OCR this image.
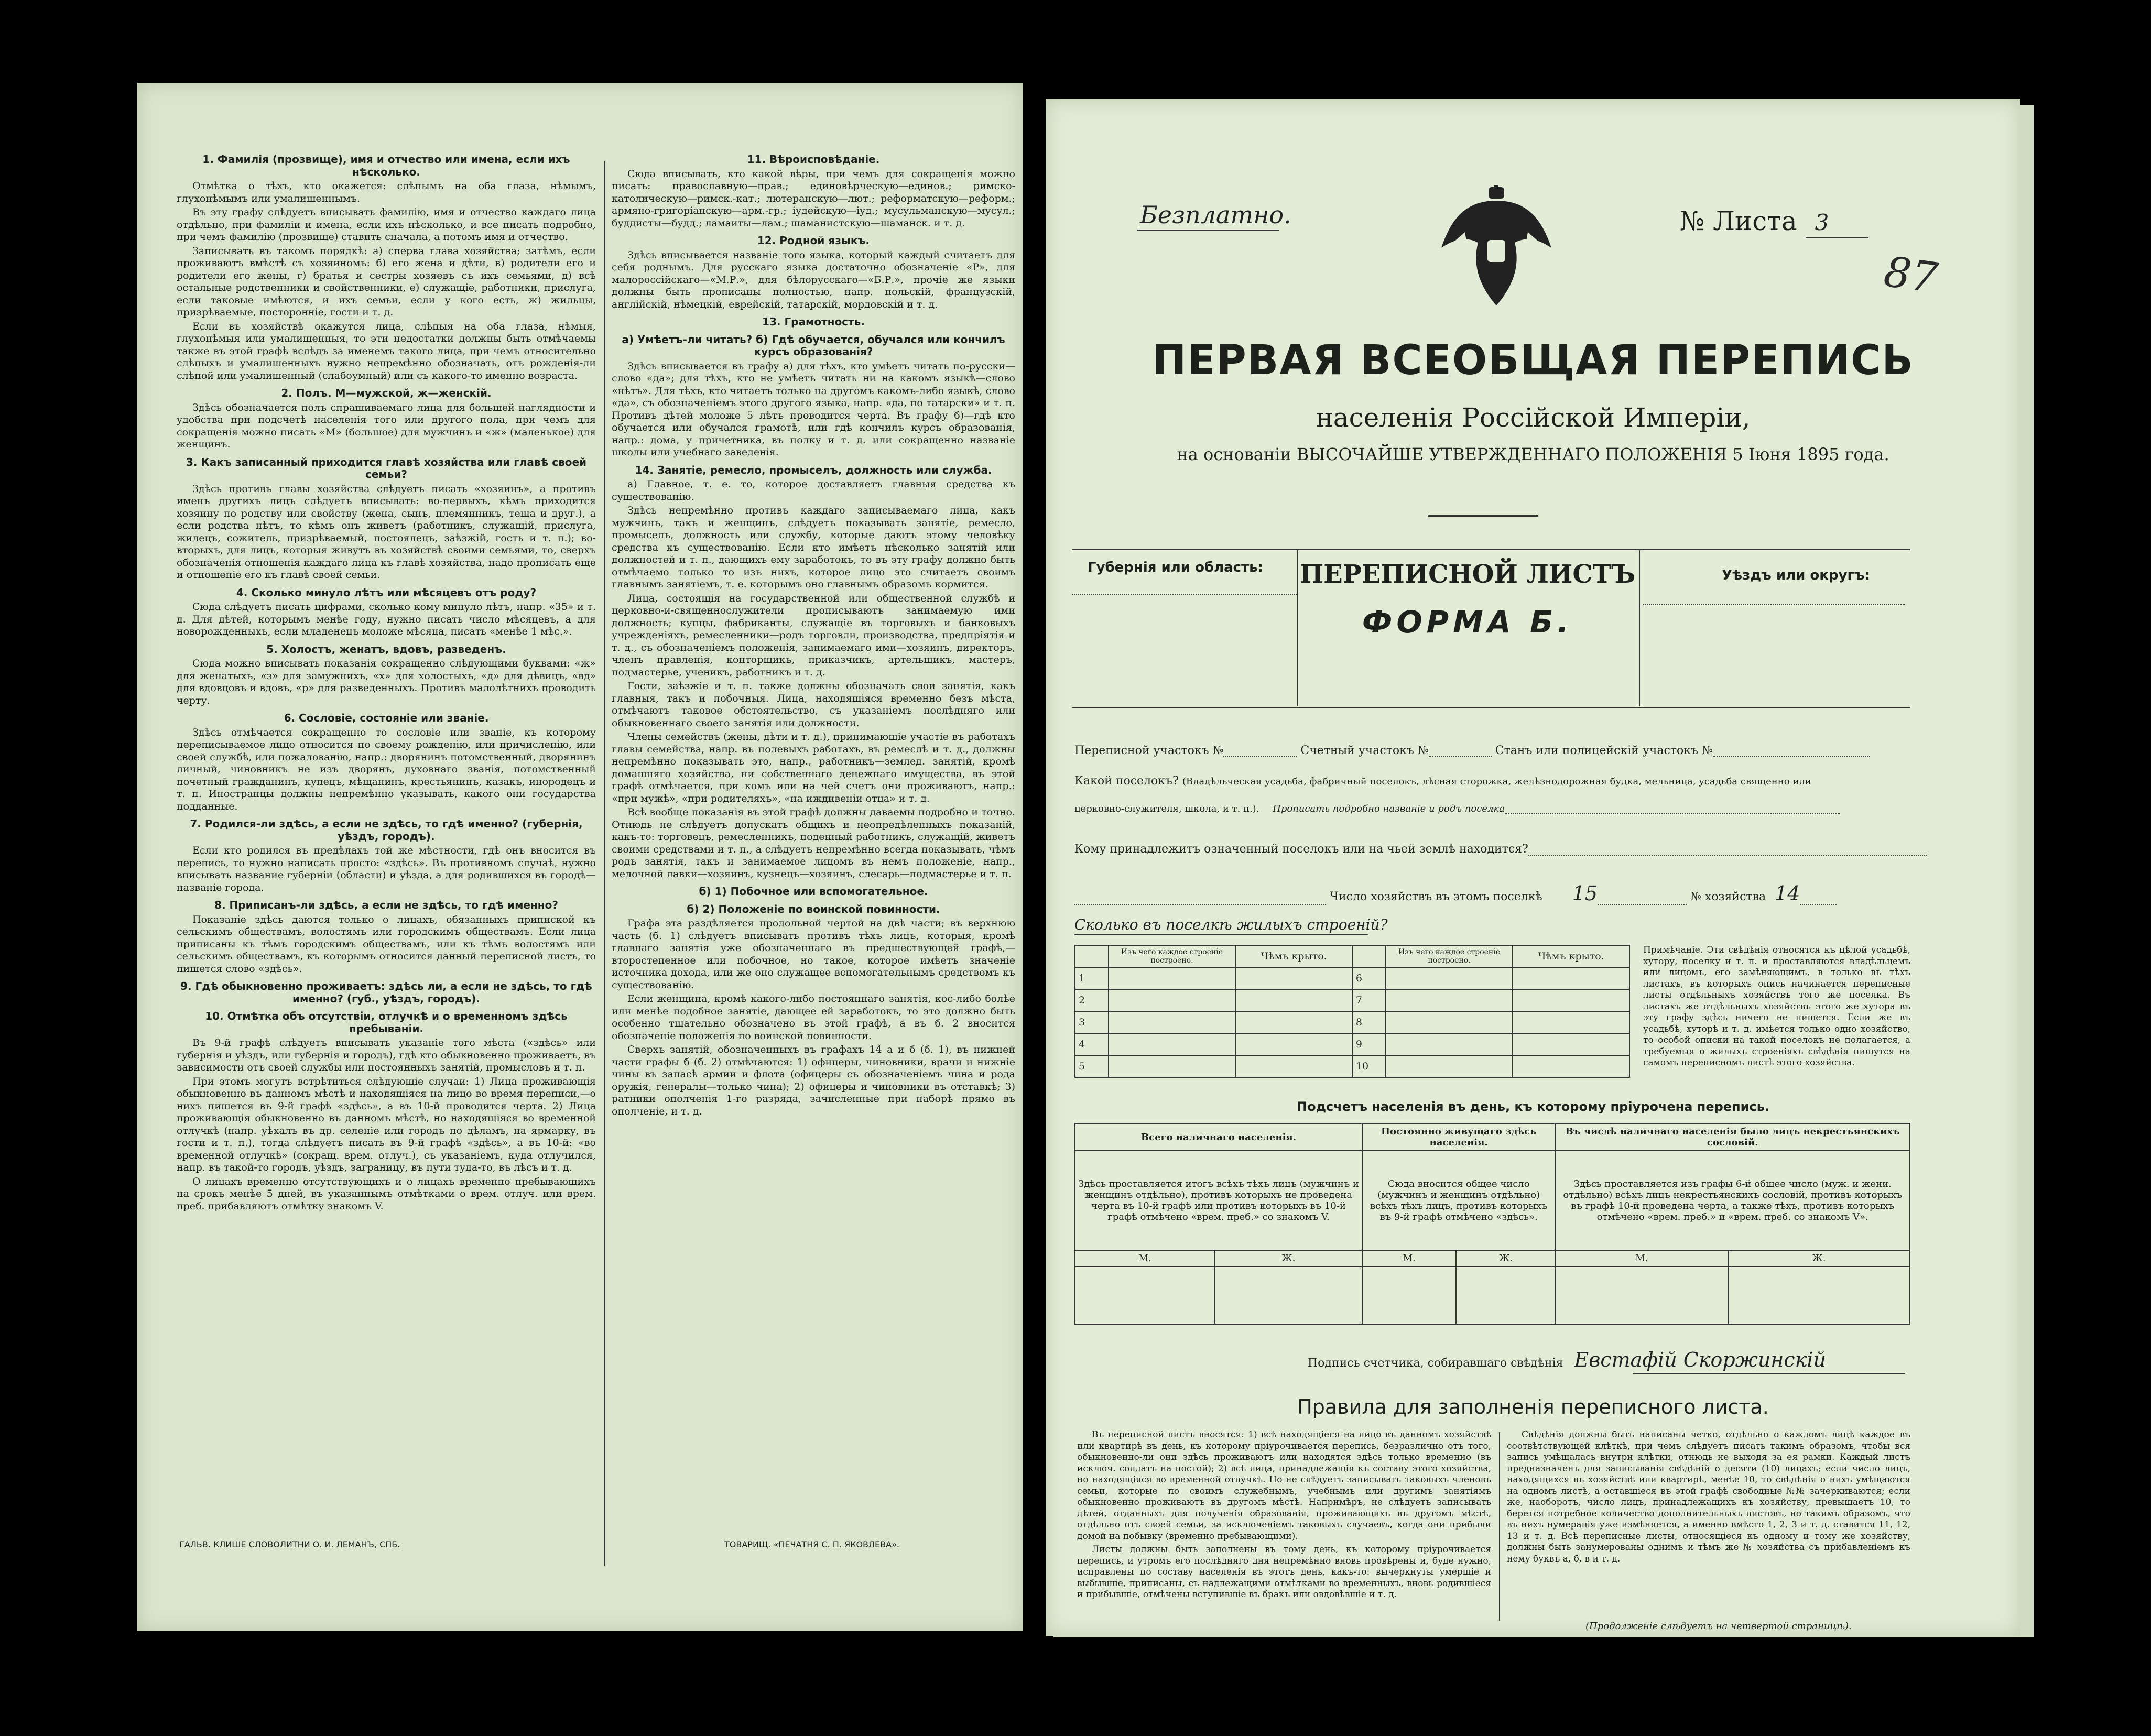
1. Фамилія (прозвище), имя и отчество или имена, если ихъ нѣсколько.

Отмѣтка о тѣхъ, кто окажется: слѣпымъ на оба глаза, нѣмымъ, глухонѣмымъ или умалишеннымъ.

Въ эту графу слѣдуетъ вписывать фамилію, имя и отчество каждаго лица отдѣльно, при фамиліи и имена, если ихъ нѣсколько, и все писать подробно, при чемъ фамилію (прозвище) ставить сначала, а потомъ имя и отчество.

Записывать въ такомъ порядкѣ: а) сперва глава хозяйства; затѣмъ, если проживаютъ вмѣстѣ съ хозяиномъ: б) его жена и дѣти, в) родители его и родители его жены, г) братья и сестры хозяевъ съ ихъ семьями, д) всѣ остальные родственники и свойственники, е) служащіе, работники, прислуга, если таковые имѣются, и ихъ семьи, если у кого есть, ж) жильцы, призрѣваемые, посторонніе, гости и т. д.

Если въ хозяйствѣ окажутся лица, слѣпыя на оба глаза, нѣмыя, глухонѣмыя или умалишенныя, то эти недостатки должны быть отмѣчаемы также въ этой графѣ вслѣдъ за именемъ такого лица, при чемъ относительно слѣпыхъ и умалишенныхъ нужно непремѣнно обозначать, отъ рожденія-ли слѣпой или умалишенный (слабоумный) или съ какого-то именно возраста.

2. Полъ. М—мужской, ж—женскій.

Здѣсь обозначается полъ спрашиваемаго лица для большей наглядности и удобства при подсчетѣ населенія того или другого пола, при чемъ для сокращенія можно писать «М» (большое) для мужчинъ и «ж» (маленькое) для женщинъ.

3. Какъ записанный приходится главѣ хозяйства или главѣ своей семьи?

Здѣсь противъ главы хозяйства слѣдуетъ писать «хозяинъ», а противъ именъ другихъ лицъ слѣдуетъ вписывать: во-первыхъ, кѣмъ приходится хозяину по родству или свойству (жена, сынъ, племянникъ, теща и друг.), а если родства нѣтъ, то кѣмъ онъ живетъ (работникъ, служащій, прислуга, жилецъ, сожитель, призрѣваемый, постоялецъ, заѣзжій, гость и т. п.); во-вторыхъ, для лицъ, которыя живутъ въ хозяйствѣ своими семьями, то, сверхъ обозначенія отношенія каждаго лица къ главѣ хозяйства, надо прописать еще и отношеніе его къ главѣ своей семьи.

4. Сколько минуло лѣтъ или мѣсяцевъ отъ роду?

Сюда слѣдуетъ писать цифрами, сколько кому минуло лѣтъ, напр. «35» и т. д. Для дѣтей, которымъ менѣе году, нужно писать число мѣсяцевъ, а для новорожденныхъ, если младенецъ моложе мѣсяца, писать «менѣе 1 мѣс.».

5. Холостъ, женатъ, вдовъ, разведенъ.

Сюда можно вписывать показанія сокращенно слѣдующими буквами: «ж» для женатыхъ, «з» для замужнихъ, «х» для холостыхъ, «д» для дѣвицъ, «вд» для вдовцовъ и вдовъ, «р» для разведенныхъ. Противъ малолѣтнихъ проводить черту.

6. Сословіе, состояніе или званіе.

Здѣсь отмѣчается сокращенно то сословіе или званіе, къ которому переписываемое лицо относится по своему рожденію, или причисленію, или своей службѣ, или пожалованію, напр.: дворянинъ потомственный, дворянинъ личный, чиновникъ не изъ дворянъ, духовнаго званія, потомственный почетный гражданинъ, купецъ, мѣщанинъ, крестьянинъ, казакъ, инородецъ и т. п. Иностранцы должны непремѣнно указывать, какого они государства подданные.

7. Родился-ли здѣсь, а если не здѣсь, то гдѣ именно? (губернія, уѣздъ, городъ).

Если кто родился въ предѣлахъ той же мѣстности, гдѣ онъ вносится въ перепись, то нужно написать просто: «здѣсь». Въ противномъ случаѣ, нужно вписывать название губерніи (области) и уѣзда, а для родившихся въ городѣ—названіе города.

8. Приписанъ-ли здѣсь, а если не здѣсь, то гдѣ именно?

Показаніе здѣсь даются только о лицахъ, обязанныхъ припиской къ сельскимъ обществамъ, волостямъ или городскимъ обществамъ. Если лица приписаны къ тѣмъ городскимъ обществамъ, или къ тѣмъ волостямъ или сельскимъ обществамъ, къ которымъ относится данный переписной листъ, то пишется слово «здѣсь».

9. Гдѣ обыкновенно проживаетъ: здѣсь ли, а если не здѣсь, то гдѣ именно? (губ., уѣздъ, городъ).
10. Отмѣтка объ отсутствіи, отлучкѣ и о временномъ здѣсь пребываніи.

Въ 9-й графѣ слѣдуетъ вписывать указаніе того мѣста («здѣсь» или губернія и уѣздъ, или губернія и городъ), гдѣ кто обыкновенно проживаетъ, въ зависимости отъ своей службы или постоянныхъ занятій, промысловъ и т. п.

При этомъ могутъ встрѣтиться слѣдующіе случаи: 1) Лица проживающія обыкновенно въ данномъ мѣстѣ и находящіяся на лицо во время переписи,—о нихъ пишется въ 9-й графѣ «здѣсь», а въ 10-й проводится черта. 2) Лица проживающія обыкновенно въ данномъ мѣстѣ, но находящіяся во временной отлучкѣ (напр. уѣхалъ въ др. селеніе или городъ по дѣламъ, на ярмарку, въ гости и т. п.), тогда слѣдуетъ писать въ 9-й графѣ «здѣсь», а въ 10-й: «во временной отлучкѣ» (сокращ. врем. отлуч.), съ указаніемъ, куда отлучился, напр. въ такой-то городъ, уѣздъ, заграницу, въ пути туда-то, въ лѣсъ и т. д.

О лицахъ временно отсутствующихъ и о лицахъ временно пребывающихъ на срокъ менѣе 5 дней, въ указаннымъ отмѣтками о врем. отлуч. или врем. преб. прибавляютъ отмѣтку знакомъ V.

11. Вѣроисповѣданіе.

Сюда вписывать, кто какой вѣры, при чемъ для сокращенія можно писать: православную—прав.; единовѣрческую—единов.; римско-католическую—римск.-кат.; лютеранскую—лют.; реформатскую—реформ.; армяно-григоріанскую—арм.-гр.; іудейскую—іуд.; мусульманскую—мусул.; буддисты—будд.; ламаиты—лам.; шаманистскую—шаманск. и т. д.

12. Родной языкъ.

Здѣсь вписывается названіе того языка, который каждый считаетъ для себя роднымъ. Для русскаго языка достаточно обозначеніе «Р», для малороссійскаго—«М.Р.», для бѣлорусскаго—«Б.Р.», прочіе же языки должны быть прописаны полностью, напр. польскій, французскій, англійскій, нѣмецкій, еврейскій, татарскій, мордовскій и т. д.

13. Грамотность.
а) Умѣетъ-ли читать? б) Гдѣ обучается, обучался или кончилъ курсъ образованія?

Здѣсь вписывается въ графу а) для тѣхъ, кто умѣетъ читать по-русски—слово «да»; для тѣхъ, кто не умѣетъ читать ни на какомъ языкѣ—слово «нѣтъ». Для тѣхъ, кто читаетъ только на другомъ какомъ-либо языкѣ, слово «да», съ обозначеніемъ этого другого языка, напр. «да, по татарски» и т. п. Противъ дѣтей моложе 5 лѣтъ проводится черта. Въ графу б)—гдѣ кто обучается или обучался грамотѣ, или гдѣ кончилъ курсъ образованія, напр.: дома, у причетника, въ полку и т. д. или сокращенно названіе школы или учебнаго заведенія.

14. Занятіе, ремесло, промыселъ, должность или служба.

а) Главное, т. е. то, которое доставляетъ главныя средства къ существованію.

Здѣсь непремѣнно противъ каждаго записываемаго лица, какъ мужчинъ, такъ и женщинъ, слѣдуетъ показывать занятіе, ремесло, промыселъ, должность или службу, которые даютъ этому человѣку средства къ существованію. Если кто имѣетъ нѣсколько занятій или должностей и т. п., дающихъ ему заработокъ, то въ эту графу должно быть отмѣчаемо только то изъ нихъ, которое лицо это считаетъ своимъ главнымъ занятіемъ, т. е. которымъ оно главнымъ образомъ кормится.

Лица, состоящія на государственной или общественной службѣ и церковно-и-священнослужители прописываютъ занимаемую ими должность; купцы, фабриканты, служащіе въ торговыхъ и банковыхъ учрежденіяхъ, ремесленники—родъ торговли, производства, предпріятія и т. д., съ обозначеніемъ положенія, занимаемаго ими—хозяинъ, директоръ, членъ правленія, конторщикъ, приказчикъ, артельщикъ, мастеръ, подмастерье, ученикъ, работникъ и т. д.

Гости, заѣзжіе и т. п. также должны обозначать свои занятія, какъ главныя, такъ и побочныя. Лица, находящіяся временно безъ мѣста, отмѣчаютъ таковое обстоятельство, съ указаніемъ послѣдняго или обыкновеннаго своего занятія или должности.

Члены семействъ (жены, дѣти и т. д.), принимающіе участіе въ работахъ главы семейства, напр. въ полевыхъ работахъ, въ ремеслѣ и т. д., должны непремѣнно показывать это, напр., работникъ—землед. занятій, кромѣ домашняго хозяйства, ни собственнаго денежнаго имущества, въ этой графѣ отмѣчается, при комъ или на чей счетъ они проживаютъ, напр.: «при мужѣ», «при родителяхъ», «на иждивеніи отца» и т. д.

Всѣ вообще показанія въ этой графѣ должны даваемы подробно и точно. Отнюдь не слѣдуетъ допускать общихъ и неопредѣленныхъ показаній, какъ-то: торговецъ, ремесленникъ, поденный работникъ, служащій, живетъ своими средствами и т. п., а слѣдуетъ непремѣнно всегда показывать, чѣмъ родъ занятія, такъ и занимаемое лицомъ въ немъ положеніе, напр., мелочной лавки—хозяинъ, кузнецъ—хозяинъ, слесарь—подмастерье и т. п.

б) 1) Побочное или вспомогательное.
б) 2) Положеніе по воинской повинности.

Графа эта раздѣляется продольной чертой на двѣ части; въ верхнюю часть (б. 1) слѣдуетъ вписывать противъ тѣхъ лицъ, которыя, кромѣ главнаго занятія уже обозначеннаго въ предшествующей графѣ,—второстепенное или побочное, но такое, которое имѣетъ значеніе источника дохода, или же оно служащее вспомогательнымъ средствомъ къ существованію.

Если женщина, кромѣ какого-либо постояннаго занятія, кос-либо болѣе или менѣе подобное занятіе, дающее ей заработокъ, то это должно быть особенно тщательно обозначено въ этой графѣ, а въ б. 2 вносится обозначеніе положенія по воинской повинности.

Сверхъ занятій, обозначенныхъ въ графахъ 14 а и б (б. 1), въ нижней части графы б (б. 2) отмѣчаются: 1) офицеры, чиновники, врачи и нижніе чины въ запасѣ армии и флота (офицеры съ обозначеніемъ чина и рода оружія, генералы—только чина); 2) офицеры и чиновники въ отставкѣ; 3) ратники ополченія 1-го разряда, зачисленные при наборѣ прямо въ ополченіе, и т. д.

ГАЛЬВ. КЛИШЕ СЛОВОЛИТНИ О. И. ЛЕМАНЪ, СПБ.	ТОВАРИЩ. «ПЕЧАТНЯ С. П. ЯКОВЛЕВА».
Безплатно.	№ Листа 3
87
ПЕРВАЯ ВСЕОБЩАЯ ПЕРЕПИСЬ
населенія Россійской Имперіи,
на основаніи ВЫСОЧАЙШЕ УТВЕРЖДЕННАГО ПОЛОЖЕНІЯ 5 Іюня 1895 года.
Губернія или область: ПЕРЕПИСНОЙ ЛИСТЪ
ФОРМА Б.
Уѣздъ или округъ:
Переписной участокъ №	Счетный участокъ №	Станъ или полицейскій участокъ №
Какой поселокъ? (Владѣльческая усадьба, фабричный поселокъ, лѣсная сторожка, желѣзнодорожная будка, мельница, усадьба священно или
церковно-служителя, школа, и т. п.). Прописать подробно названіе и родъ поселка
Кому принадлежитъ означенный поселокъ или на чьей землѣ находится?
Число хозяйствъ въ этомъ поселкѣ 15	№ хозяйства 14
Сколько въ поселкѣ жилыхъ строеній?
	Изъ чего каждое строеніе построено.	Чѣмъ крыто.		Изъ чего каждое строеніе построено.	Чѣмъ крыто.
1			6		
2			7		
3			8		
4			9		
5			10		
Примѣчаніе. Эти свѣдѣнія относятся къ цѣлой усадьбѣ, хутору, поселку и т. п. и проставляются владѣльцемъ или лицомъ, его замѣняющимъ, в только въ тѣхъ листахъ, въ которыхъ опись начинается переписные листы отдѣльныхъ хозяйствъ того же поселка. Въ листахъ же отдѣльныхъ хозяйствъ этого же хутора въ эту графу здѣсь ничего не пишется. Если же въ усадьбѣ, хуторѣ и т. д. имѣется только одно хозяйство, то особой описки на такой поселокъ не полагается, а требуемыя о жилыхъ строеніяхъ свѣдѣнія пишутся на самомъ переписномъ листѣ этого хозяйства.
Подсчетъ населенія въ день, къ которому пріурочена перепись.
Всего наличнаго населенія.		Постоянно живущаго здѣсь населенія.		Въ числѣ наличнаго населенія было лицъ некрестьянскихъ сословій.	
Здѣсь проставляется итогъ всѣхъ тѣхъ лицъ (мужчинъ и женщинъ отдѣльно), противъ которыхъ не проведена черта въ 10-й графѣ или противъ которыхъ въ 10-й графѣ отмѣчено «врем. преб.» со знакомъ V.		Сюда вносится общее число (мужчинъ и женщинъ отдѣльно) всѣхъ тѣхъ лицъ, противъ которыхъ въ 9-й графѣ отмѣчено «здѣсь».		Здѣсь проставляется изъ графы 6-й общее число (муж. и жени. отдѣльно) всѣхъ лицъ некрестьянскихъ сословій, противъ которыхъ въ графѣ 10-й проведена черта, а также тѣхъ, противъ которыхъ отмѣчено «врем. преб.» и «врем. преб. со знакомъ V».	
М.	Ж.	М.	Ж.	М.	Ж.

Подпись счетчика, собиравшаго свѣдѣнія Евстафій Скоржинскій
Правила для заполненія переписного листа.

Въ переписной листъ вносятся: 1) всѣ находящіеся на лицо въ данномъ хозяйствѣ или квартирѣ въ день, къ которому пріурочивается перепись, безразлично отъ того, обыкновенно-ли они здѣсь проживаютъ или находятся здѣсь только временно (въ исключ. солдатъ на постой); 2) всѣ лица, принадлежащія къ составу этого хозяйства, но находящіяся во временной отлучкѣ. Но не слѣдуетъ записывать таковыхъ членовъ семьи, которые по своимъ служебнымъ, учебнымъ или другимъ занятіямъ обыкновенно проживаютъ въ другомъ мѣстѣ. Напримѣръ, не слѣдуетъ записывать дѣтей, отданныхъ для полученія образованія, проживающихъ въ другомъ мѣстѣ, отдѣльно отъ своей семьи, за исключеніемъ таковыхъ случаевъ, когда они прибыли домой на побывку (временно пребывающими).

Листы должны быть заполнены въ тому день, къ которому пріурочивается перепись, и утромъ его послѣдняго дня непремѣнно вновь провѣрены и, буде нужно, исправлены по составу населенія въ этотъ день, какъ-то: вычеркнуты умершіе и выбывшіе, приписаны, съ надлежащими отмѣтками во временныхъ, вновь родившіеся и прибывшіе, отмѣчены вступившіе въ бракъ или овдовѣвшіе и т. д.

Свѣдѣнія должны быть написаны четко, отдѣльно о каждомъ лицѣ каждое въ соотвѣтствующей клѣткѣ, при чемъ слѣдуетъ писать такимъ образомъ, чтобы вся запись умѣщалась внутри клѣтки, отнюдь не выходя за ея рамки. Каждый листъ предназначенъ для записыванія свѣдѣній о десяти (10) лицахъ; если число лицъ, находящихся въ хозяйствѣ или квартирѣ, менѣе 10, то свѣдѣнія о нихъ умѣщаются на одномъ листѣ, а оставшіеся въ этой графѣ свободные №№ зачеркиваются; если же, наоборотъ, число лицъ, принадлежащихъ къ хозяйству, превышаетъ 10, то берется потребное количество дополнительныхъ листовъ, но такимъ образомъ, что въ нихъ нумерація уже измѣняется, а именно вмѣсто 1, 2, 3 и т. д. ставится 11, 12, 13 и т. д. Всѣ переписные листы, относящіеся къ одному и тому же хозяйству, должны быть занумерованы однимъ и тѣмъ же № хозяйства съ прибавленіемъ къ нему буквъ а, б, в и т. д.
(Продолженіе слѣдуетъ на четвертой страницѣ).
